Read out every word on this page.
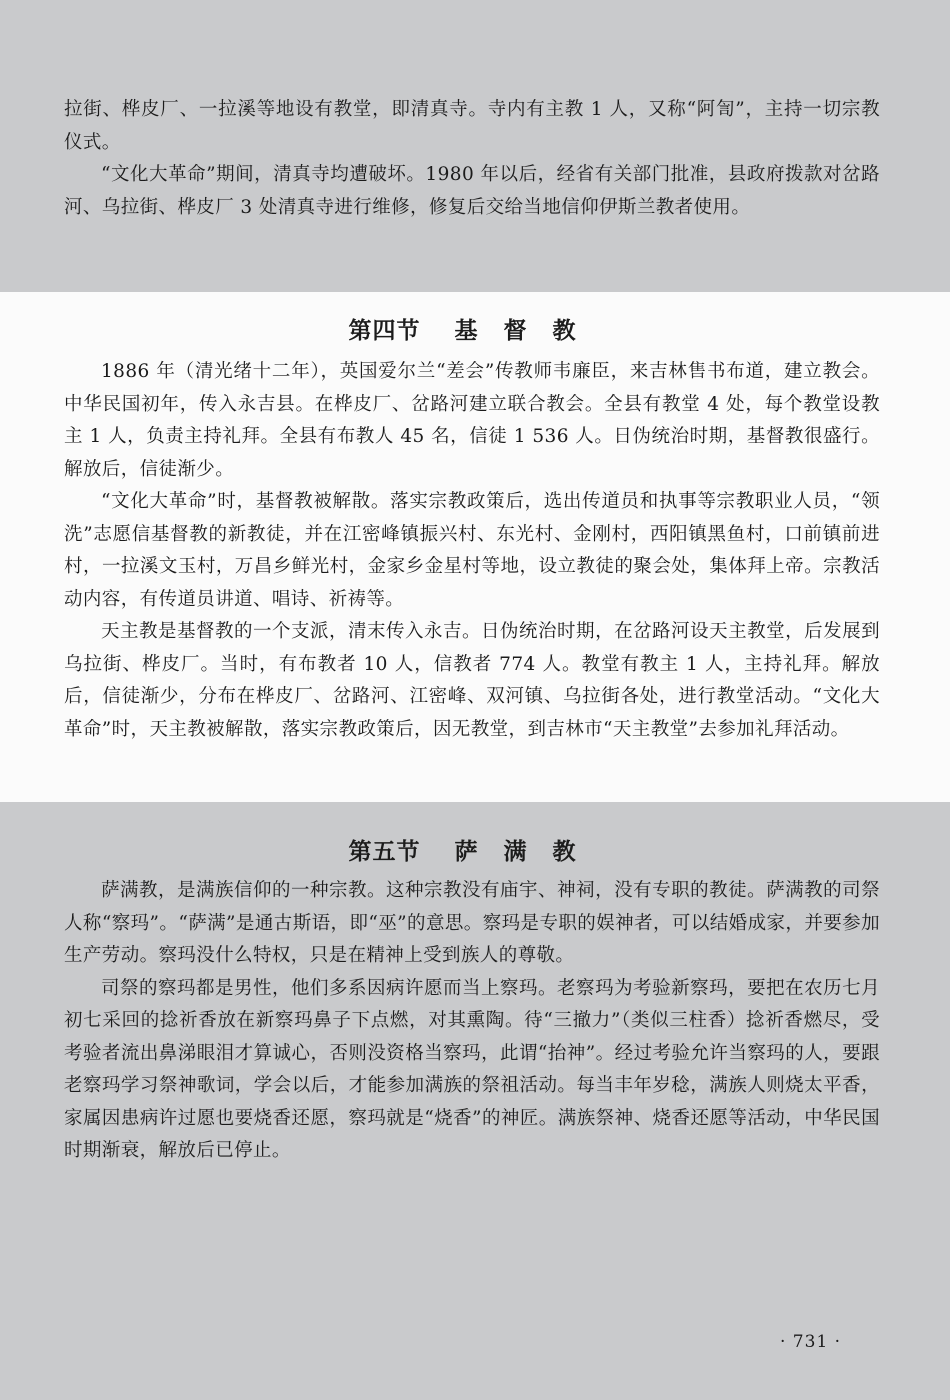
拉街、桦皮厂、一拉溪等地设有教堂，即清真寺。寺内有主教 1 人，又称“阿訇”，主持一切宗教仪式。

“文化大革命”期间，清真寺均遭破坏。1980 年以后，经省有关部门批准，县政府拨款对岔路河、乌拉街、桦皮厂 3 处清真寺进行维修，修复后交给当地信仰伊斯兰教者使用。

第四节 基督教

1886 年（清光绪十二年），英国爱尔兰“差会”传教师韦廉臣，来吉林售书布道，建立教会。中华民国初年，传入永吉县。在桦皮厂、岔路河建立联合教会。全县有教堂 4 处，每个教堂设教主 1 人，负责主持礼拜。全县有布教人 45 名，信徒 1 536 人。日伪统治时期，基督教很盛行。解放后，信徒渐少。

“文化大革命”时，基督教被解散。落实宗教政策后，选出传道员和执事等宗教职业人员，“领洗”志愿信基督教的新教徒，并在江密峰镇振兴村、东光村、金刚村，西阳镇黑鱼村，口前镇前进村，一拉溪文玉村，万昌乡鲜光村，金家乡金星村等地，设立教徒的聚会处，集体拜上帝。宗教活动内容，有传道员讲道、唱诗、祈祷等。

天主教是基督教的一个支派，清末传入永吉。日伪统治时期，在岔路河设天主教堂，后发展到乌拉街、桦皮厂。当时，有布教者 10 人，信教者 774 人。教堂有教主 1 人，主持礼拜。解放后，信徒渐少，分布在桦皮厂、岔路河、江密峰、双河镇、乌拉街各处，进行教堂活动。“文化大革命”时，天主教被解散，落实宗教政策后，因无教堂，到吉林市“天主教堂”去参加礼拜活动。

第五节 萨满教

萨满教，是满族信仰的一种宗教。这种宗教没有庙宇、神祠，没有专职的教徒。萨满教的司祭人称“察玛”。“萨满”是通古斯语，即“巫”的意思。察玛是专职的娱神者，可以结婚成家，并要参加生产劳动。察玛没什么特权，只是在精神上受到族人的尊敬。

司祭的察玛都是男性，他们多系因病许愿而当上察玛。老察玛为考验新察玛，要把在农历七月初七采回的捻祈香放在新察玛鼻子下点燃，对其熏陶。待“三撤力”（类似三柱香）捻祈香燃尽，受考验者流出鼻涕眼泪才算诚心，否则没资格当察玛，此谓“抬神”。经过考验允许当察玛的人，要跟老察玛学习祭神歌词，学会以后，才能参加满族的祭祖活动。每当丰年岁稔，满族人则烧太平香，家属因患病许过愿也要烧香还愿，察玛就是“烧香”的神匠。满族祭神、烧香还愿等活动，中华民国时期渐衰，解放后已停止。

· 731 ·
